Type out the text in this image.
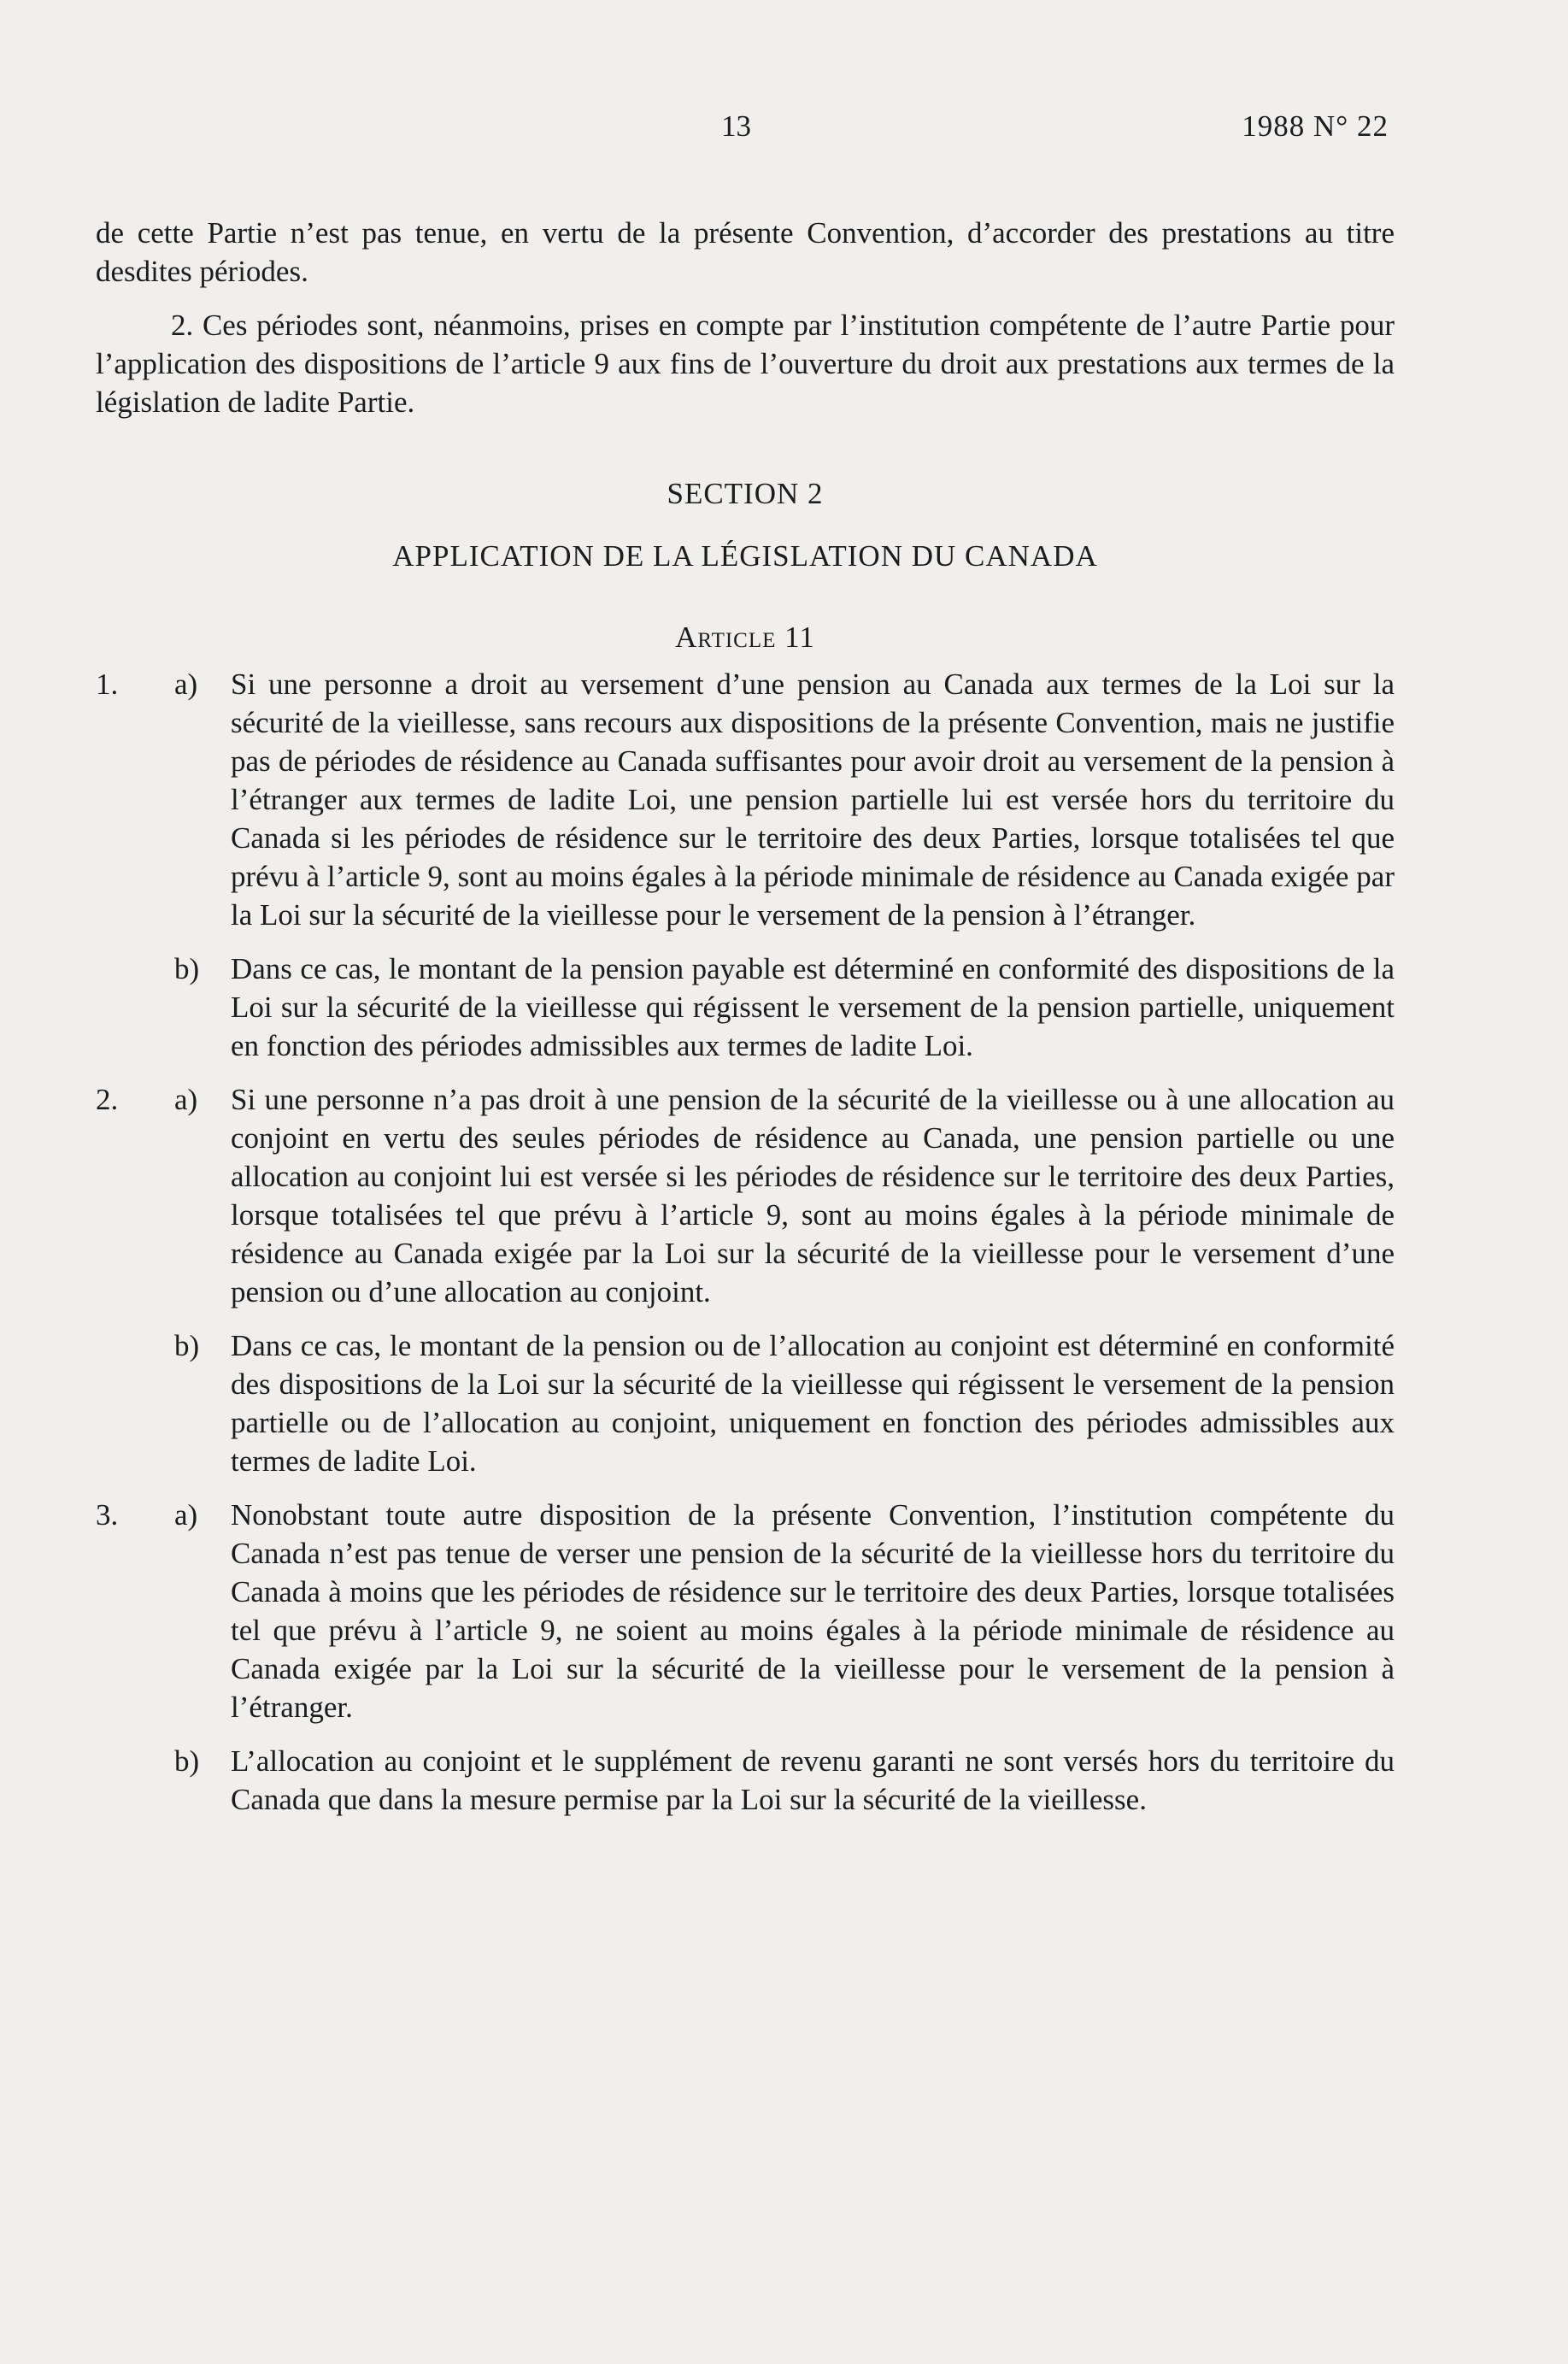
13	1988 N° 22

de cette Partie n’est pas tenue, en vertu de la présente Convention, d’accorder des prestations au titre desdites périodes.

2. Ces périodes sont, néanmoins, prises en compte par l’institution compétente de l’autre Partie pour l’application des dispositions de l’article 9 aux fins de l’ouverture du droit aux prestations aux termes de la législation de ladite Partie.

SECTION 2
APPLICATION DE LA LÉGISLATION DU CANADA
Article 11
1.	a)	Si une personne a droit au versement d’une pension au Canada aux termes de la Loi sur la sécurité de la vieillesse, sans recours aux dispositions de la présente Convention, mais ne justifie pas de périodes de résidence au Canada suffisantes pour avoir droit au versement de la pension à l’étranger aux termes de ladite Loi, une pension partielle lui est versée hors du territoire du Canada si les périodes de résidence sur le territoire des deux Parties, lorsque totalisées tel que prévu à l’article 9, sont au moins égales à la période minimale de résidence au Canada exigée par la Loi sur la sécurité de la vieillesse pour le versement de la pension à l’étranger.
b)	Dans ce cas, le montant de la pension payable est déterminé en conformité des dispositions de la Loi sur la sécurité de la vieillesse qui régissent le versement de la pension partielle, uniquement en fonction des périodes admissibles aux termes de ladite Loi.
2.	a)	Si une personne n’a pas droit à une pension de la sécurité de la vieillesse ou à une allocation au conjoint en vertu des seules périodes de résidence au Canada, une pension partielle ou une allocation au conjoint lui est versée si les périodes de résidence sur le territoire des deux Parties, lorsque totalisées tel que prévu à l’article 9, sont au moins égales à la période minimale de résidence au Canada exigée par la Loi sur la sécurité de la vieillesse pour le versement d’une pension ou d’une allocation au conjoint.
b)	Dans ce cas, le montant de la pension ou de l’allocation au conjoint est déterminé en conformité des dispositions de la Loi sur la sécurité de la vieillesse qui régissent le versement de la pension partielle ou de l’allocation au conjoint, uniquement en fonction des périodes admissibles aux termes de ladite Loi.
3.	a)	Nonobstant toute autre disposition de la présente Convention, l’institution compétente du Canada n’est pas tenue de verser une pension de la sécurité de la vieillesse hors du territoire du Canada à moins que les périodes de résidence sur le territoire des deux Parties, lorsque totalisées tel que prévu à l’article 9, ne soient au moins égales à la période minimale de résidence au Canada exigée par la Loi sur la sécurité de la vieillesse pour le versement de la pension à l’étranger.
b)	L’allocation au conjoint et le supplément de revenu garanti ne sont versés hors du territoire du Canada que dans la mesure permise par la Loi sur la sécurité de la vieillesse.
